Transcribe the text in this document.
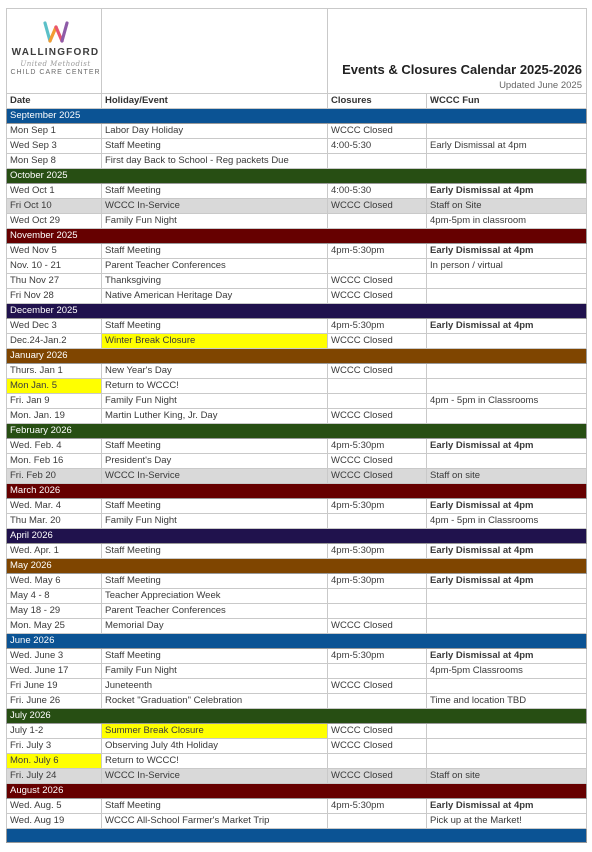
WALLINGFORD
United Methodist
CHILD CARE CENTER		Events & Closures Calendar 2025-2026	
		Updated June 2025	
Date	Holiday/Event	Closures	WCCC Fun
September 2025			
Mon Sep 1	Labor Day Holiday	WCCC Closed	
Wed Sep 3	Staff Meeting	4:00-5:30	Early Dismissal at 4pm
Mon Sep 8	First day Back to School - Reg packets Due		
October 2025			
Wed Oct 1	Staff Meeting	4:00-5:30	Early Dismissal at 4pm
Fri Oct 10	WCCC In-Service	WCCC Closed	Staff on Site
Wed Oct 29	Family Fun Night		4pm-5pm in classroom
November 2025			
Wed Nov 5	Staff Meeting	4pm-5:30pm	Early Dismissal at 4pm
Nov. 10 - 21	Parent Teacher Conferences		In person / virtual
Thu Nov 27	Thanksgiving	WCCC Closed	
Fri Nov 28	Native American Heritage Day	WCCC Closed	
December 2025			
Wed Dec 3	Staff Meeting	4pm-5:30pm	Early Dismissal at 4pm
Dec.24-Jan.2	Winter Break Closure	WCCC Closed	
January 2026			
Thurs. Jan 1	New Year's Day	WCCC Closed	
Mon Jan. 5	Return to WCCC!		
Fri. Jan 9	Family Fun Night		4pm - 5pm in Classrooms
Mon. Jan. 19	Martin Luther King, Jr. Day	WCCC Closed	
February 2026			
Wed. Feb. 4	Staff Meeting	4pm-5:30pm	Early Dismissal at 4pm
Mon. Feb 16	President's Day	WCCC Closed	
Fri. Feb 20	WCCC In-Service	WCCC Closed	Staff on site
March 2026			
Wed. Mar. 4	Staff Meeting	4pm-5:30pm	Early Dismissal at 4pm
Thu Mar. 20	Family Fun Night		4pm - 5pm in Classrooms
April 2026			
Wed. Apr. 1	Staff Meeting	4pm-5:30pm	Early Dismissal at 4pm
May 2026			
Wed. May 6	Staff Meeting	4pm-5:30pm	Early Dismissal at 4pm
May 4 - 8	Teacher Appreciation Week		
May 18 - 29	Parent Teacher Conferences		
Mon. May 25	Memorial Day	WCCC Closed	
June 2026			
Wed. June 3	Staff Meeting	4pm-5:30pm	Early Dismissal at 4pm
Wed. June 17	Family Fun Night		4pm-5pm Classrooms
Fri June 19	Juneteenth	WCCC Closed	
Fri. June 26	Rocket "Graduation" Celebration		Time and location TBD
July 2026			
July 1-2	Summer Break Closure	WCCC Closed	
Fri. July 3	Observing July 4th Holiday	WCCC Closed	
Mon. July 6	Return to WCCC!		
Fri. July 24	WCCC In-Service	WCCC Closed	Staff on site
August 2026			
Wed. Aug. 5	Staff Meeting	4pm-5:30pm	Early Dismissal at 4pm
Wed. Aug 19	WCCC All-School Farmer's Market Trip		Pick up at the Market!
